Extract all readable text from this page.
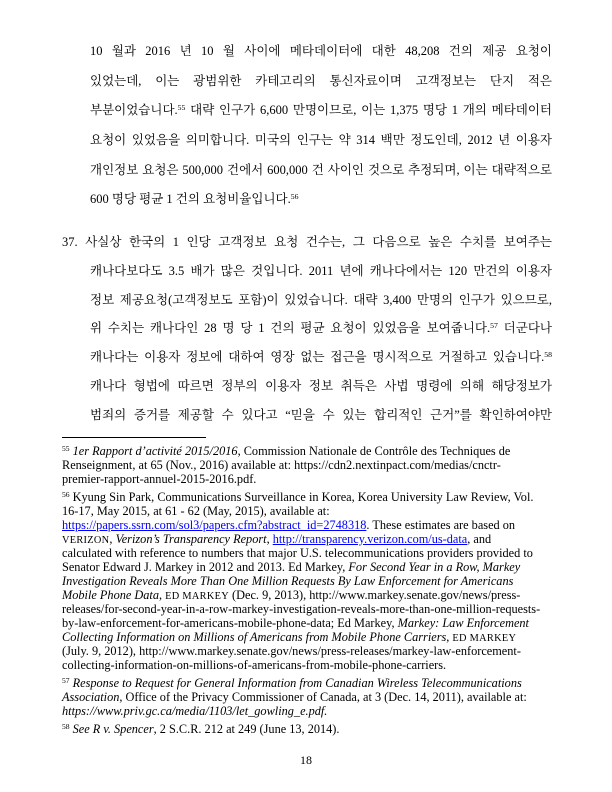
10 월과 2016 년 10 월 사이에 메타데이터에 대한 48,208 건의 제공 요청이
있었는데, 이는 광범위한 카테고리의 통신자료이며 고객정보는 단지 적은
부분이었습니다.$^{55}$ 대략 인구가 6,600 만명이므로, 이는 1,375 명당 1 개의 메타데이터
요청이 있었음을 의미합니다. 미국의 인구는 약 314 백만 정도인데, 2012 년 이용자
개인정보 요청은 500,000 건에서 600,000 건 사이인 것으로 추정되며, 이는 대략적으로
600 명당 평균 1 건의 요청비율입니다.$^{56}$
37. 사실상 한국의 1 인당 고객정보 요청 건수는, 그 다음으로 높은 수치를 보여주는
캐나다보다도 3.5 배가 많은 것입니다. 2011 년에 캐나다에서는 120 만건의 이용자
정보 제공요청(고객정보도 포함)이 있었습니다. 대략 3,400 만명의 인구가 있으므로,
위 수치는 캐나다인 28 명 당 1 건의 평균 요청이 있었음을 보여줍니다.$^{57}$ 더군다나
캐나다는 이용자 정보에 대하여 영장 없는 접근을 명시적으로 거절하고 있습니다.$^{58}$
캐나다 형법에 따르면 정부의 이용자 정보 취득은 사법 명령에 의해 해당정보가
범죄의 증거를 제공할 수 있다고 “믿을 수 있는 합리적인 근거”를 확인하여야만
$^{55}$ 1er Rapport d’activité 2015/2016, Commission Nationale de Contrôle des Techniques de
Renseignment, at 65 (Nov., 2016) available at: https://cdn2.nextinpact.com/medias/cnctr-
premier-rapport-annuel-2015-2016.pdf.
$^{56}$ Kyung Sin Park, Communications Surveillance in Korea, Korea University Law Review, Vol.
16-17, May 2015, at 61 - 62 (May, 2015), available at:
https://papers.ssrn.com/sol3/papers.cfm?abstract_id=2748318. These estimates are based on
VERIZON, Verizon’s Transparency Report, http://transparency.verizon.com/us-data, and
calculated with reference to numbers that major U.S. telecommunications providers provided to
Senator Edward J. Markey in 2012 and 2013. Ed Markey, For Second Year in a Row, Markey
Investigation Reveals More Than One Million Requests By Law Enforcement for Americans
Mobile Phone Data, ED MARKEY (Dec. 9, 2013), http://www.markey.senate.gov/news/press-
releases/for-second-year-in-a-row-markey-investigation-reveals-more-than-one-million-requests-
by-law-enforcement-for-americans-mobile-phone-data; Ed Markey, Markey: Law Enforcement
Collecting Information on Millions of Americans from Mobile Phone Carriers, ED MARKEY
(July. 9, 2012), http://www.markey.senate.gov/news/press-releases/markey-law-enforcement-
collecting-information-on-millions-of-americans-from-mobile-phone-carriers.
$^{57}$ Response to Request for General Information from Canadian Wireless Telecommunications
Association, Office of the Privacy Commissioner of Canada, at 3 (Dec. 14, 2011), available at:
https://www.priv.gc.ca/media/1103/let_gowling_e.pdf.
$^{58}$ See R v. Spencer, 2 S.C.R. 212 at 249 (June 13, 2014).
18
